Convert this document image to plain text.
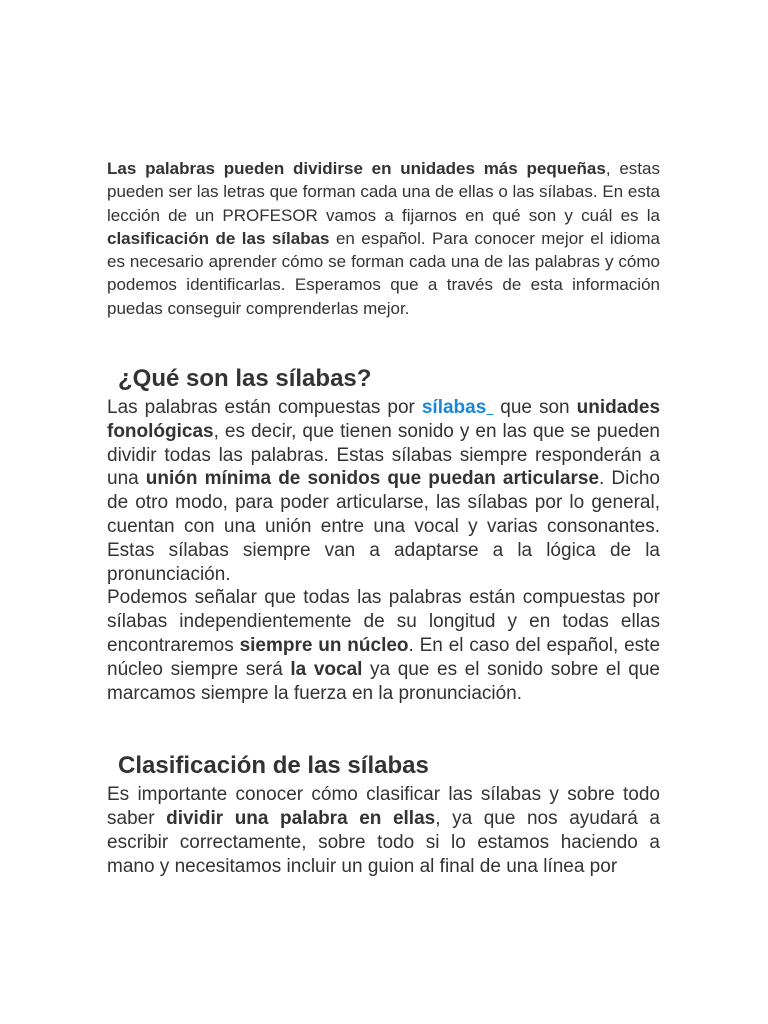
Las palabras pueden dividirse en unidades más pequeñas, estas pueden ser las letras que forman cada una de ellas o las sílabas. En esta lección de un PROFESOR vamos a fijarnos en qué son y cuál es la clasificación de las sílabas en español. Para conocer mejor el idioma es necesario aprender cómo se forman cada una de las palabras y cómo podemos identificarlas. Esperamos que a través de esta información puedas conseguir comprenderlas mejor.

¿Qué son las sílabas?

Las palabras están compuestas por sílabas  que son unidades fonológicas, es decir, que tienen sonido y en las que se pueden dividir todas las palabras. Estas sílabas siempre responderán a una unión mínima de sonidos que puedan articularse. Dicho de otro modo, para poder articularse, las sílabas por lo general, cuentan con una unión entre una vocal y varias consonantes. Estas sílabas siempre van a adaptarse a la lógica de la pronunciación.

Podemos señalar que todas las palabras están compuestas por sílabas independientemente de su longitud y en todas ellas encontraremos siempre un núcleo. En el caso del español, este núcleo siempre será la vocal ya que es el sonido sobre el que marcamos siempre la fuerza en la pronunciación.

Clasificación de las sílabas

Es importante conocer cómo clasificar las sílabas y sobre todo saber dividir una palabra en ellas, ya que nos ayudará a escribir correctamente, sobre todo si lo estamos haciendo a mano y necesitamos incluir un guion al final de una línea por
